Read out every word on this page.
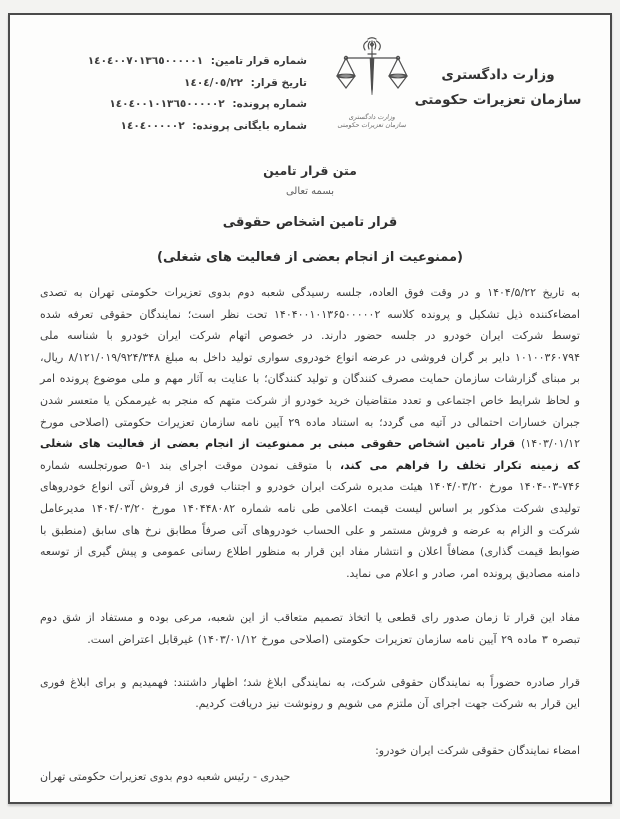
شماره قرار تامین: ١٤٠٤٠٠٧٠١٣٦٥٠٠٠٠٠١
تاریخ قرار: ١٤٠٤/٠٥/٢٢
شماره پرونده: ١٤٠٤٠٠١٠١٣٦٥٠٠٠٠٠٢
شماره بایگانی پرونده: ١٤٠٤٠٠٠٠٠٢
وزارت دادگستری
سازمان تعزیرات حکومتی
وزارت دادگستری
سازمان تعزیرات حکومتی
متن قرار تامین
بسمه تعالی
قرار تامین اشخاص حقوقی
(ممنوعیت از انجام بعضی از فعالیت های شغلی)

به تاریخ ۱۴۰۴/۵/۲۲ و در وقت فوق العاده، جلسه رسیدگی شعبه دوم بدوی تعزیرات حکومتی تهران به تصدی امضاءکننده ذیل تشکیل و پرونده کلاسه ۱۴۰۴۰۰۱۰۱۳۶۵۰۰۰۰۰۲ تحت نظر است؛ نمایندگان حقوقی تعرفه شده توسط شرکت ایران خودرو در جلسه حضور دارند. در خصوص اتهام شرکت ایران خودرو با شناسه ملی ۱۰۱۰۰۳۶۰۷۹۴ دایر بر گران فروشی در عرضه انواع خودروی سواری تولید داخل به مبلغ ۸/۱۲۱/۰۱۹/۹۲۴/۳۴۸ ریال، بر مبنای گزارشات سازمان حمایت مصرف کنندگان و تولید کنندگان؛ با عنایت به آثار مهم و ملی موضوع پرونده امر و لحاظ شرایط خاص اجتماعی و تعدد متقاضیان خرید خودرو از شرکت متهم که منجر به غیرممکن یا متعسر شدن جبران خسارات احتمالی در آتیه می گردد؛ به استناد ماده ۲۹ آیین نامه سازمان تعزیرات حکومتی (اصلاحی مورخ ۱۴۰۳/۰۱/۱۲) قرار تامین اشخاص حقوقی مبنی بر ممنوعیت از انجام بعضی از فعالیت های شغلی که زمینه تکرار تخلف را فراهم می کند، با متوقف نمودن موقت اجرای بند ۱-۵ صورتجلسه شماره ۷۴۶-۰۳-۱۴۰۴ مورخ ۱۴۰۴/۰۳/۲۰ هیئت مدیره شرکت ایران خودرو و اجتناب فوری از فروش آتی انواع خودروهای تولیدی شرکت مذکور بر اساس لیست قیمت اعلامی طی نامه شماره ۱۴۰۴۴۸۰۸۲ مورخ ۱۴۰۴/۰۳/۲۰ مدیرعامل شرکت و الزام به عرضه و فروش مستمر و علی الحساب خودروهای آتی صرفاً مطابق نرخ های سابق (منطبق با ضوابط قیمت گذاری) مضافاً اعلان و انتشار مفاد این قرار به منظور اطلاع رسانی عمومی و پیش گیری از توسعه دامنه مصادیق پرونده امر، صادر و اعلام می نماید.

مفاد این قرار تا زمان صدور رای قطعی یا اتخاذ تصمیم متعاقب از این شعبه، مرعی بوده و مستفاد از شق دوم تبصره ۳ ماده ۲۹ آیین نامه سازمان تعزیرات حکومتی (اصلاحی مورخ ۱۴۰۳/۰۱/۱۲) غیرقابل اعتراض است.

قرار صادره حضوراً به نمایندگان حقوقی شرکت، به نمایندگی ابلاغ شد؛ اظهار داشتند: فهمیدیم و برای ابلاغ فوری این قرار به شرکت جهت اجرای آن ملتزم می شویم و رونوشت نیز دریافت کردیم.

امضاء نمایندگان حقوقی شرکت ایران خودرو:
حیدری - رئیس شعبه دوم بدوی تعزیرات حکومتی تهران
